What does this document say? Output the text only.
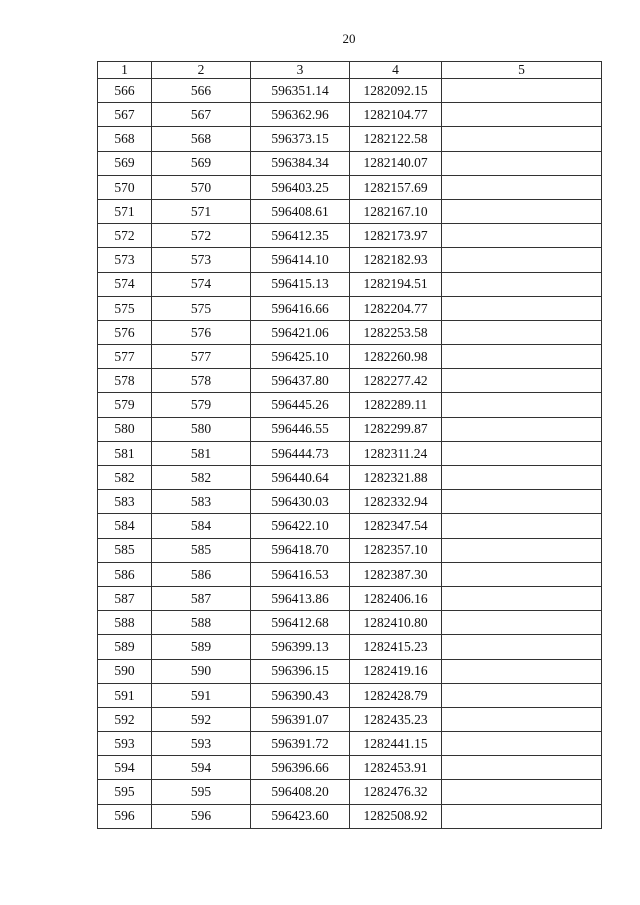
20
1	2	3	4	5
566	566	596351.14	1282092.15	
567	567	596362.96	1282104.77	
568	568	596373.15	1282122.58	
569	569	596384.34	1282140.07	
570	570	596403.25	1282157.69	
571	571	596408.61	1282167.10	
572	572	596412.35	1282173.97	
573	573	596414.10	1282182.93	
574	574	596415.13	1282194.51	
575	575	596416.66	1282204.77	
576	576	596421.06	1282253.58	
577	577	596425.10	1282260.98	
578	578	596437.80	1282277.42	
579	579	596445.26	1282289.11	
580	580	596446.55	1282299.87	
581	581	596444.73	1282311.24	
582	582	596440.64	1282321.88	
583	583	596430.03	1282332.94	
584	584	596422.10	1282347.54	
585	585	596418.70	1282357.10	
586	586	596416.53	1282387.30	
587	587	596413.86	1282406.16	
588	588	596412.68	1282410.80	
589	589	596399.13	1282415.23	
590	590	596396.15	1282419.16	
591	591	596390.43	1282428.79	
592	592	596391.07	1282435.23	
593	593	596391.72	1282441.15	
594	594	596396.66	1282453.91	
595	595	596408.20	1282476.32	
596	596	596423.60	1282508.92	
